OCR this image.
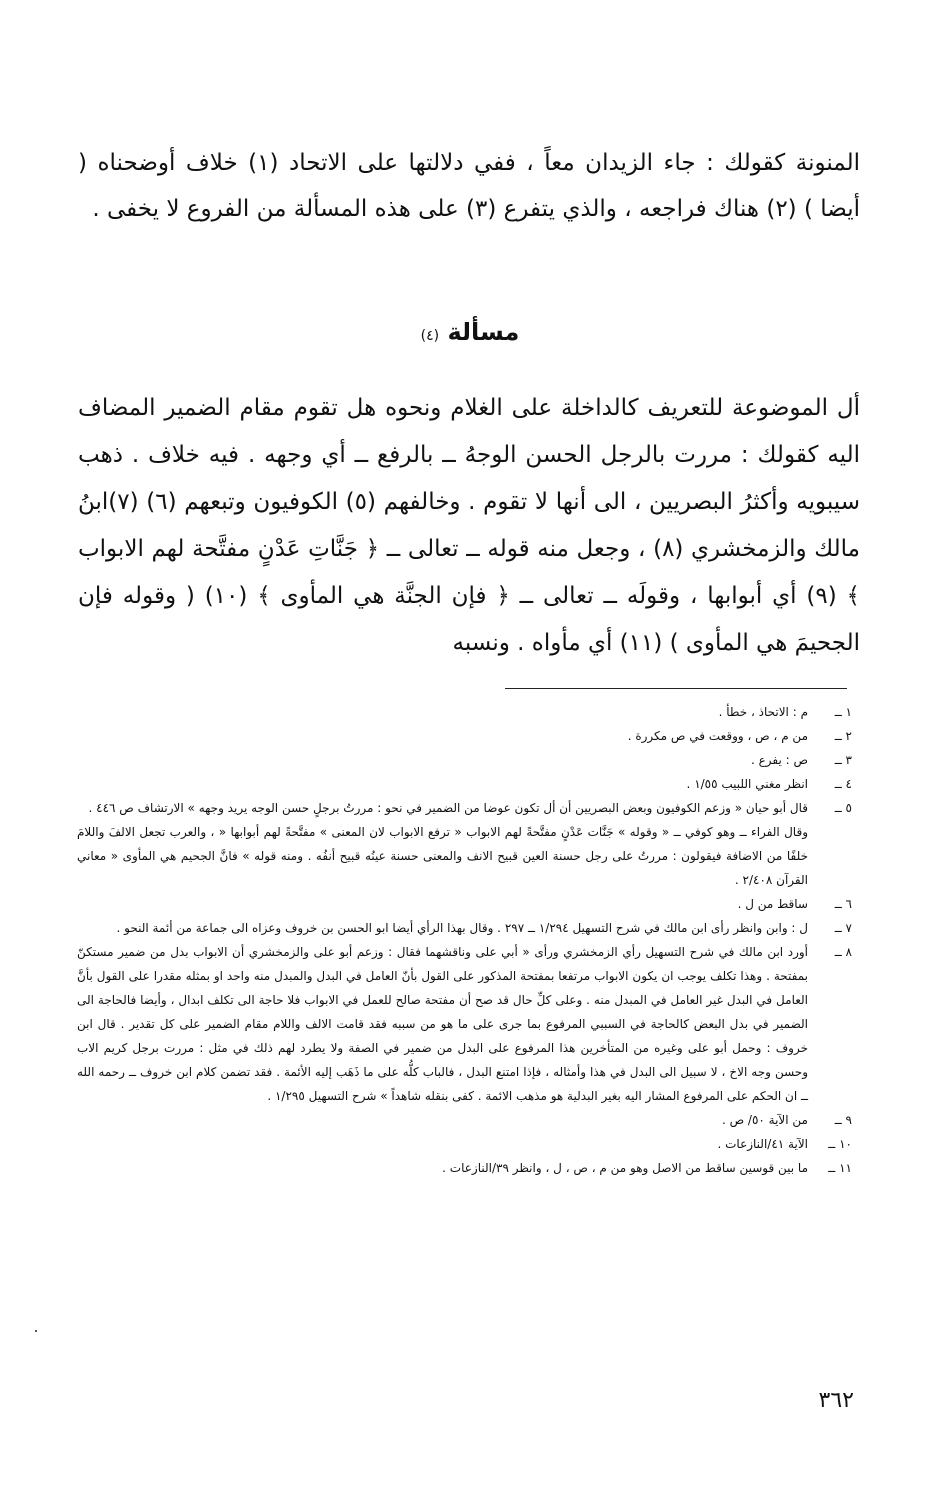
المنونة كقولك : جاء الزيدان معاً ، ففي دلالتها على الاتحاد (١) خلاف أوضحناه ( أيضا ) (٢) هناك فراجعه ، والذي يتفرع (٣) على هذه المسألة من الفروع لا يخفى .

مسألة (٤)

أل الموضوعة للتعريف كالداخلة على الغلام ونحوه هل تقوم مقام الضمير المضاف اليه كقولك : مررت بالرجل الحسن الوجهُ ــ بالرفع ــ أي وجهه . فيه خلاف . ذهب سيبويه وأكثرُ البصريين ، الى أنها لا تقوم . وخالفهم (٥) الكوفيون وتبعهم (٦) (٧)ابنُ مالك والزمخشري (٨) ، وجعل منه قوله ــ تعالى ــ ﴿ جَنَّاتِ عَدْنٍ مفتَّحة لهم الابواب ﴾ (٩) أي أبوابها ، وقولَه ــ تعالى ــ ﴿ فإن الجنَّة هي المأوى ﴾ (١٠) ( وقوله فإن الجحيمَ هي المأوى ) (١١) أي مأواه . ونسبه

١ ــ
م : الاتحاذ ، خطأ .
٢ ــ
من م ، ص ، ووقعت في ص مكررة .
٣ ــ
ص : يفرع .
٤ ــ
انظر مغني اللبيب ١/٥٥ .
٥ ــ
قال أبو حيان « وزعم الكوفيون وبعض البصريين أن أل تكون عوضا من الضمير في نحو : مررتُ برجلٍ حسن الوجه يريد وجهه » الارتشاف ص ٤٤٦ .
وقال الفراء ــ وهو كوفي ــ « وقوله » جَنَّات عَدْنٍ مفتَّحةً لهم الابواب « ترفع الابواب لان المعنى » مفتَّحةً لهم أبوابها « ، والعرب تجعل الالفَ واللامَ خلفًا من الاضافة فيقولون : مررتُ على رجل حسنة العين قبيح الانف والمعنى حسنة عينُه قبيح أنفُه . ومنه قوله » فانَّ الجحيم هي المأوى « معاني القرآن ٢/٤٠٨ .
٦ ــ
ساقط من ل .
٧ ــ
ل : وابن وانظر رأى ابن مالك في شرح التسهيل ١/٢٩٤ ــ ٢٩٧ . وقال بهذا الرأي أيضا ابو الحسن بن خروف وعزاه الى جماعة من أئمة النحو .
٨ ــ
أورد ابن مالك في شرح التسهيل رأي الزمخشري ورأى « أبي على وناقشهما فقال : وزعم أبو على والزمخشري أن الابواب بدل من ضمير مستكنّ بمفتحة . وهذا تكلف يوجب ان يكون الابواب مرتفعا بمفتحة المذكور على القول بأنّ العامل في البدل والمبدل منه واحد او بمثله مقدرا على القول بأنَّ العامل في البدل غير العامل في المبدل منه . وعلى كلِّ حال قد صح أن مفتحة صالح للعمل في الابواب فلا حاجة الى تكلف ابدال ، وأيضا فالحاجة الى الضمير في بدل البعض كالحاجة في السببي المرفوع بما جرى على ما هو من سببه فقد قامت الالف واللام مقام الضمير على كل تقدير . قال ابن خروف : وحمل أبو على وغيره من المتأخرين هذا المرفوع على البدل من ضمير في الصفة ولا يطرد لهم ذلك في مثل : مررت برجل كريم الاب وحسن وجه الاخ ، لا سبيل الى البدل في هذا وأمثاله ، فإذا امتنع البدل ، فالباب كلُّه على ما ذَهَب إليه الأئمة . فقد تضمن كلام ابن خروف ــ رحمه الله ــ ان الحكم على المرفوع المشار اليه بغير البدلية هو مذهب الائمة . كفى بنقله شاهداً » شرح التسهيل ١/٢٩٥ .
٩ ــ
من الآية ٥٠/ ص .
١٠ ــ
الآية ٤١/النازعات .
١١ ــ
ما بين قوسين ساقط من الاصل وهو من م ، ص ، ل ، وانظر ٣٩/النازعات .
٣٦٢
